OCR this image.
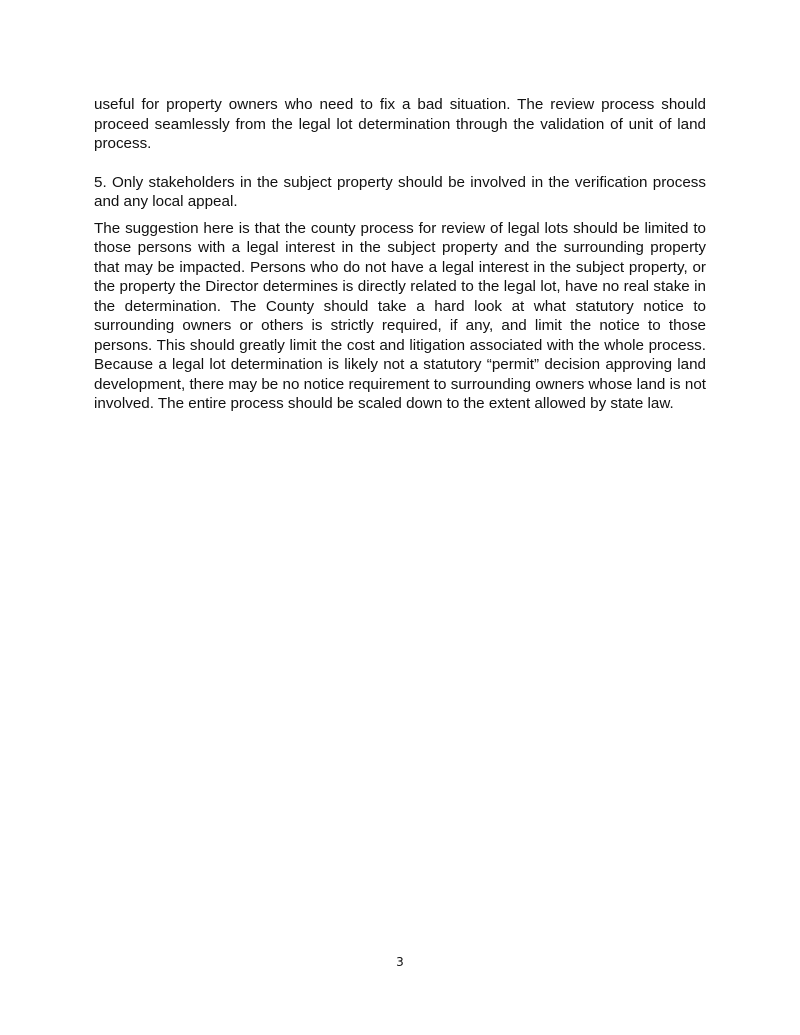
useful for property owners who need to fix a bad situation. The review process should proceed seamlessly from the legal lot determination through the validation of unit of land process.

5. Only stakeholders in the subject property should be involved in the verification process and any local appeal.

The suggestion here is that the county process for review of legal lots should be limited to those persons with a legal interest in the subject property and the surrounding property that may be impacted. Persons who do not have a legal interest in the subject property, or the property the Director determines is directly related to the legal lot, have no real stake in the determination. The County should take a hard look at what statutory notice to surrounding owners or others is strictly required, if any, and limit the notice to those persons. This should greatly limit the cost and litigation associated with the whole process. Because a legal lot determination is likely not a statutory “permit” decision approving land development, there may be no notice requirement to surrounding owners whose land is not involved. The entire process should be scaled down to the extent allowed by state law.

3
